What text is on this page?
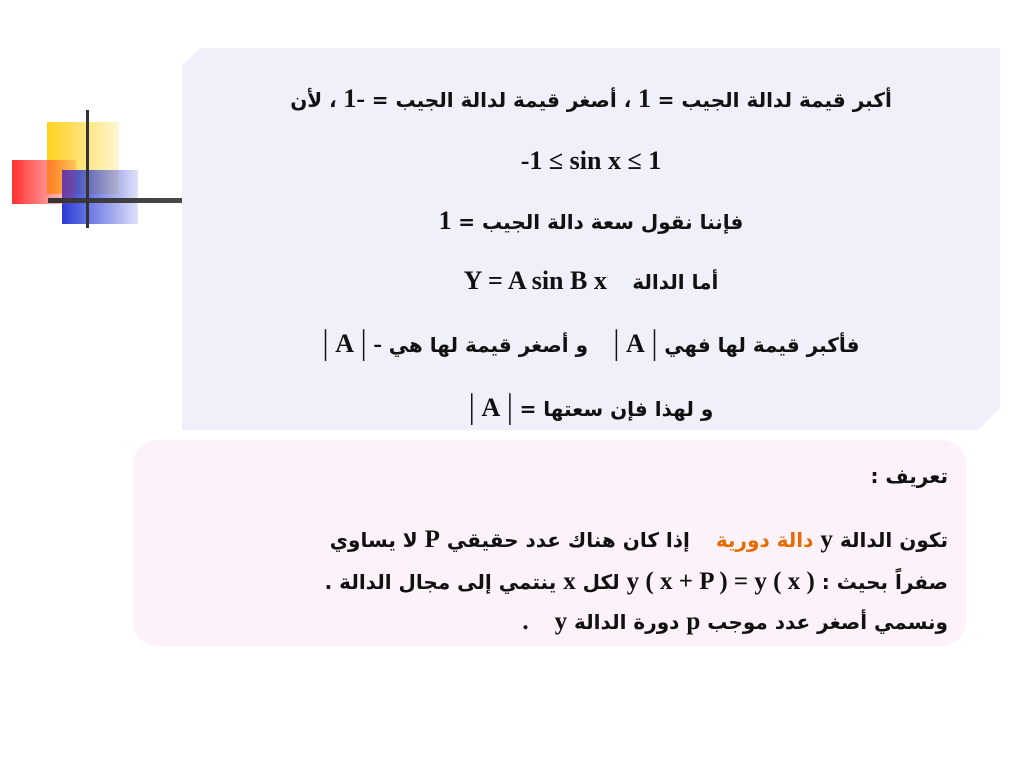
أكبر قيمة لدالة الجيب = 1 ، أصغر قيمة لدالة الجيب = 1- ، لأن
-1 ≤ sin x ≤ 1
فإننا نقول سعة دالة الجيب = 1
أما الدالة  Y = A sin B x
فأكبر قيمة لها فهي | A |  و أصغر قيمة لها هي - | A |
و لهذا فإن سعتها = | A |
تعريف :
تكون الدالة y دالة دورية  إذا كان هناك عدد حقيقي P لا يساوي
صفراً بحيث : y ( x + P ) = y ( x ) لكل x ينتمي إلى مجال الدالة .
ونسمي أصغر عدد موجب p دورة الدالة y  .
